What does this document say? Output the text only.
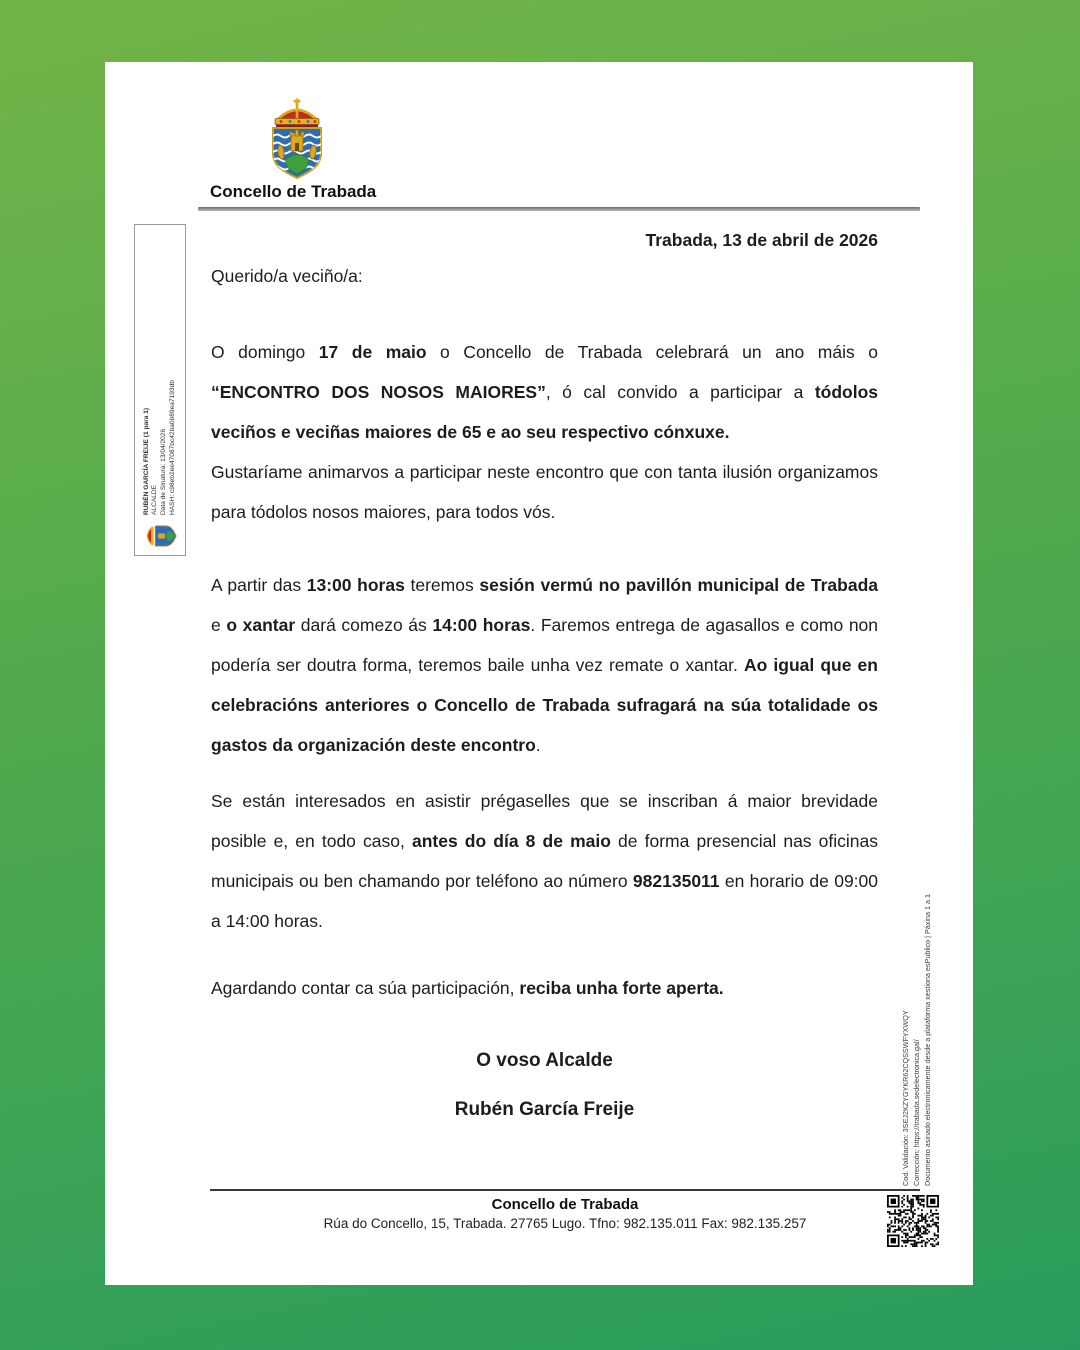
Concello de Trabada
Trabada, 13 de abril de 2026
Querido/a veciño/a:

O domingo 17 de maio o Concello de Trabada celebrará un ano máis o “ENCONTRO DOS NOSOS MAIORES”, ó cal convido a participar a tódolos veciños e veciñas maiores de 65 e ao seu respectivo cónxuxe.

Gustaríame animarvos a participar neste encontro que con tanta ilusión organizamos para tódolos nosos maiores, para todos vós.

A partir das 13:00 horas teremos sesión vermú no pavillón municipal de Trabada e o xantar dará comezo ás 14:00 horas. Faremos entrega de agasallos e como non podería ser doutra forma, teremos baile unha vez remate o xantar. Ao igual que en celebracións anteriores o Concello de Trabada sufragará na súa totalidade os gastos da organización deste encontro.

Se están interesados en asistir prégaselles que se inscriban á maior brevidade posible e, en todo caso, antes do día 8 de maio de forma presencial nas oficinas municipais ou ben chamando por teléfono ao número 982135011 en horario de 09:00 a 14:00 horas.

Agardando contar ca súa participación, reciba unha forte aperta.

O voso Alcalde
Rubén García Freije
Concello de Trabada
Rúa do Concello, 15, Trabada. 27765 Lugo. Tfno: 982.135.011 Fax: 982.135.257
RUBÉN GARCÍA FREIJE (1 para 1) ALCALDE Data de Sinatura: 13/04/2026 HASH: c98eb2ee47087bc42ba0b89ea7193db
Cod. Validación: 3SEJ2KZYGYKR62CQSSWFYXWQY Corrección: https://trabada.sedelectronica.gal/ Documento asinado electronicamente desde a plataforma xestiona esPublico | Páxina 1 a 1
